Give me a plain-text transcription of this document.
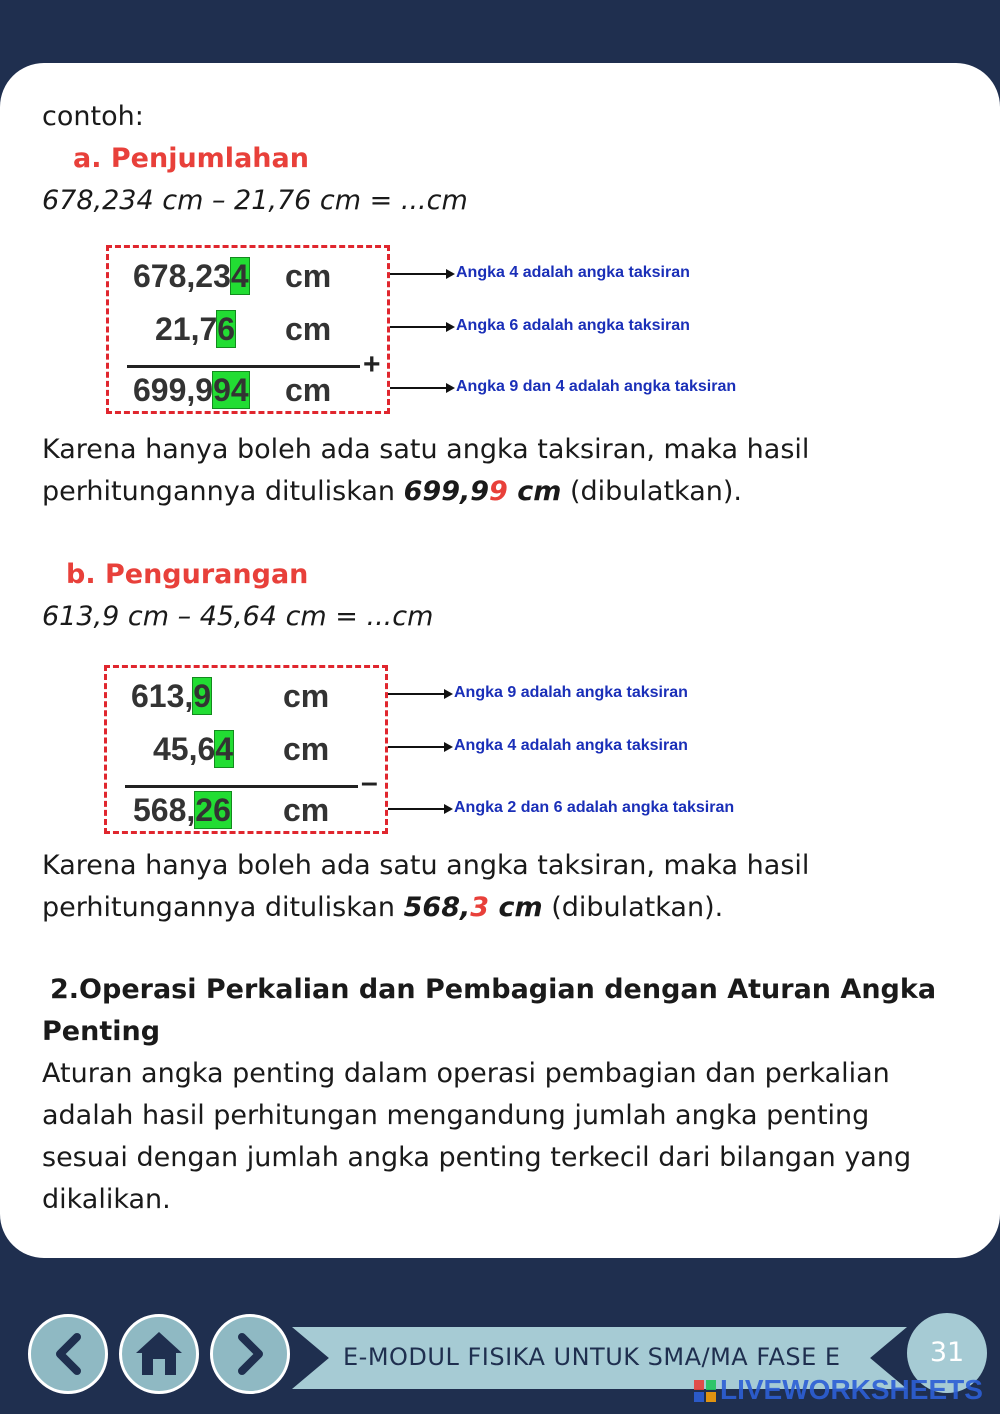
contoh:
a. Penjumlahan
678,234 cm – 21,76 cm = ...cm
678,234 cm
21,76 cm
+
699,994 cm
Angka 4 adalah angka taksiran
Angka 6 adalah angka taksiran
Angka 9 dan 4 adalah angka taksiran
Karena hanya boleh ada satu angka taksiran, maka hasil
perhitungannya dituliskan 699,99 cm (dibulatkan).
b. Pengurangan
613,9 cm – 45,64 cm = ...cm
613,9 cm
45,64 cm
–
568,26 cm
Angka 9 adalah angka taksiran
Angka 4 adalah angka taksiran
Angka 2 dan 6 adalah angka taksiran
Karena hanya boleh ada satu angka taksiran, maka hasil
perhitungannya dituliskan 568,3 cm (dibulatkan).
2.Operasi Perkalian dan Pembagian dengan Aturan Angka
Penting
Aturan angka penting dalam operasi pembagian dan perkalian
adalah hasil perhitungan mengandung jumlah angka penting
sesuai dengan jumlah angka penting terkecil dari bilangan yang
dikalikan.
E-MODUL FISIKA UNTUK SMA/MA FASE E	31
LIVEWORKSHEETS
